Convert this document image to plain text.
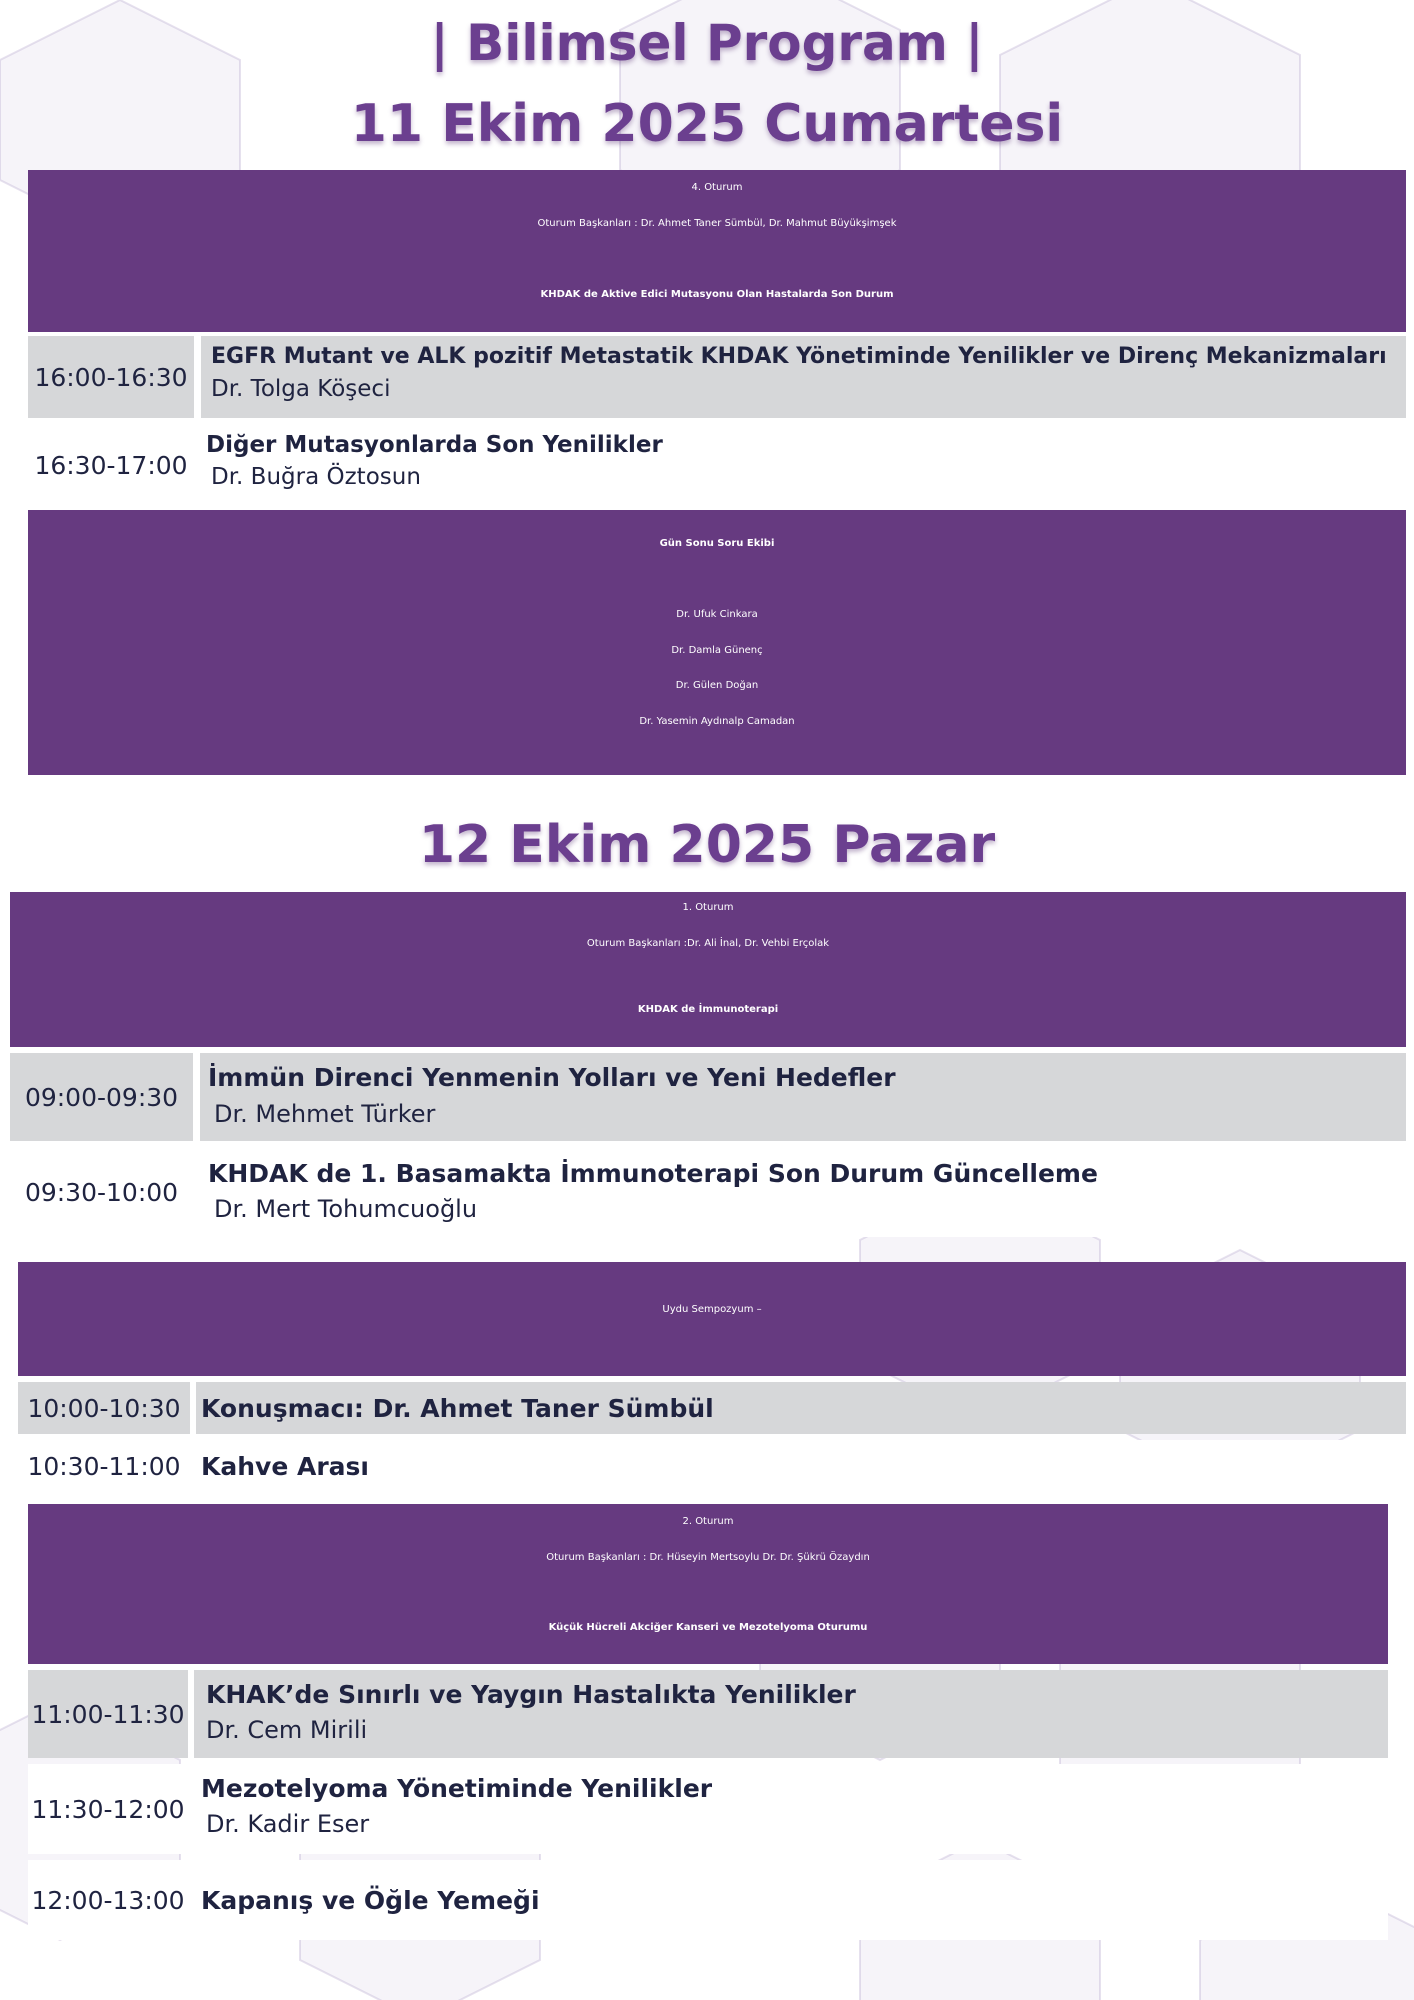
| Bilimsel Program |
11 Ekim 2025 Cumartesi
4. Oturum
Oturum Başkanları : Dr. Ahmet Taner Sümbül, Dr. Mahmut Büyükşimşek
KHDAK de Aktive Edici Mutasyonu Olan Hastalarda Son Durum
16:00-16:30
EGFR Mutant ve ALK pozitif Metastatik KHDAK Yönetiminde Yenilikler ve Direnç Mekanizmaları
Dr. Tolga Köşeci
16:30-17:00
Diğer Mutasyonlarda Son Yenilikler
Dr. Buğra Öztosun
Gün Sonu Soru Ekibi
Dr. Ufuk Cinkara
Dr. Damla Günenç
Dr. Gülen Doğan
Dr. Yasemin Aydınalp Camadan
12 Ekim 2025 Pazar
1. Oturum
Oturum Başkanları :Dr. Ali İnal, Dr. Vehbi Erçolak
KHDAK de İmmunoterapi
09:00-09:30
İmmün Direnci Yenmenin Yolları ve Yeni Hedefler
Dr. Mehmet Türker
09:30-10:00
KHDAK de 1. Basamakta İmmunoterapi Son Durum Güncelleme
Dr. Mert Tohumcuoğlu
Uydu Sempozyum –
10:00-10:30 Konuşmacı: Dr. Ahmet Taner Sümbül
10:30-11:00 Kahve Arası
2. Oturum
Oturum Başkanları : Dr. Hüseyin Mertsoylu Dr. Dr. Şükrü Özaydın
Küçük Hücreli Akciğer Kanseri ve Mezotelyoma Oturumu
11:00-11:30
KHAK’de Sınırlı ve Yaygın Hastalıkta Yenilikler
Dr. Cem Mirili
11:30-12:00
Mezotelyoma Yönetiminde Yenilikler
Dr. Kadir Eser
12:00-13:00 Kapanış ve Öğle Yemeği
